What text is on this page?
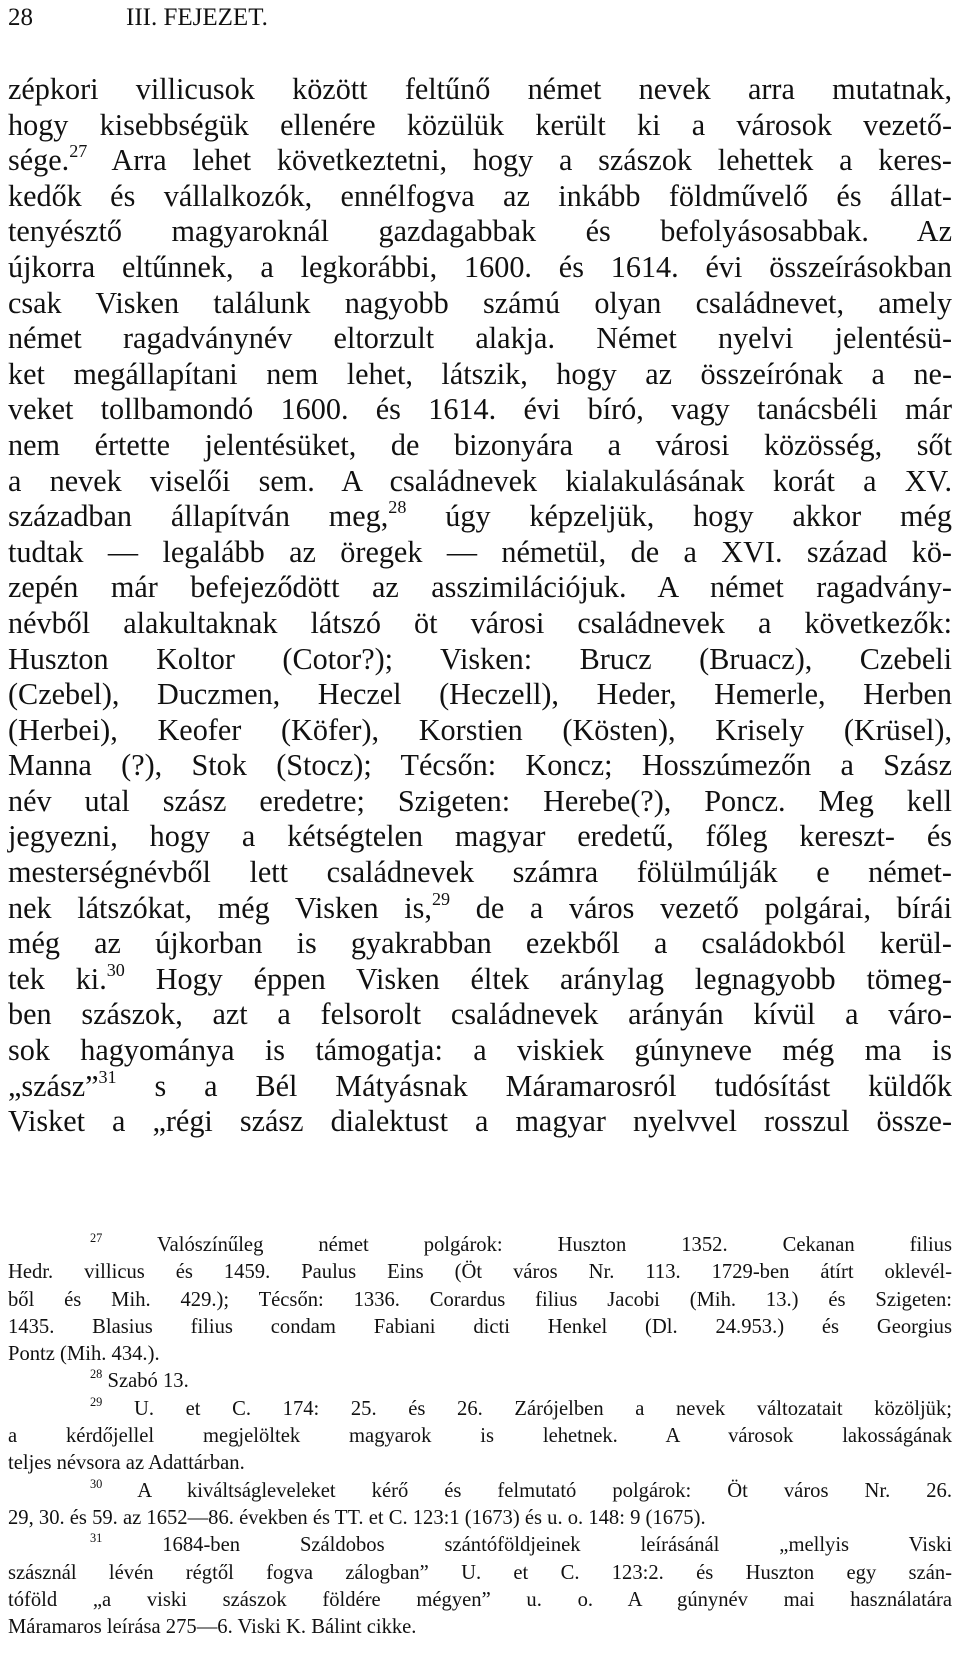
28	III. FEJEZET.
zépkori villicusok között feltűnő német nevek arra mutatnak,
hogy kisebbségük ellenére közülük került ki a városok vezető-
sége.$^{27}$ Arra lehet következtetni, hogy a szászok lehettek a keres-
kedők és vállalkozók, ennélfogva az inkább földművelő és állat-
tenyésztő magyaroknál gazdagabbak és befolyásosabbak. Az
újkorra eltűnnek, a legkorábbi, 1600. és 1614. évi összeírásokban
csak Visken találunk nagyobb számú olyan családnevet, amely
német ragadványnév eltorzult alakja. Német nyelvi jelentésü-
ket megállapítani nem lehet, látszik, hogy az összeírónak a ne-
veket tollbamondó 1600. és 1614. évi bíró, vagy tanácsbéli már
nem értette jelentésüket, de bizonyára a városi közösség, sőt
a nevek viselői sem. A családnevek kialakulásának korát a XV.
században állapítván meg,$^{28}$ úgy képzeljük, hogy akkor még
tudtak — legalább az öregek — németül, de a XVI. század kö-
zepén már befejeződött az asszimilációjuk. A német ragadvány-
névből alakultaknak látszó öt városi családnevek a következők:
Huszton Koltor (Cotor?); Visken: Brucz (Bruacz), Czebeli
(Czebel), Duczmen, Heczel (Heczell), Heder, Hemerle, Herben
(Herbei), Keofer (Köfer), Korstien (Kösten), Krisely (Krüsel),
Manna (?), Stok (Stocz); Técsőn: Koncz; Hosszúmezőn a Szász
név utal szász eredetre; Szigeten: Herebe(?), Poncz. Meg kell
jegyezni, hogy a kétségtelen magyar eredetű, főleg kereszt- és
mesterségnévből lett családnevek számra fölülmúlják e német-
nek látszókat, még Visken is,$^{29}$ de a város vezető polgárai, bírái
még az újkorban is gyakrabban ezekből a családokból kerül-
tek ki.$^{30}$ Hogy éppen Visken éltek aránylag legnagyobb tömeg-
ben szászok, azt a felsorolt családnevek arányán kívül a váro-
sok hagyománya is támogatja: a viskiek gúnyneve még ma is
„szász”$^{31}$ s a Bél Mátyásnak Máramarosról tudósítást küldők
Visket a „régi szász dialektust a magyar nyelvvel rosszul össze-
$^{27}$ Valószínűleg német polgárok: Huszton 1352. Cekanan filius
Hedr. villicus és 1459. Paulus Eins (Öt város Nr. 113. 1729-ben átírt oklevél-
ből és Mih. 429.); Técsőn: 1336. Corardus filius Jacobi (Mih. 13.) és Szigeten:
1435. Blasius filius condam Fabiani dicti Henkel (Dl. 24.953.) és Georgius
Pontz (Mih. 434.).
$^{28}$ Szabó 13.
$^{29}$ U. et C. 174: 25. és 26. Zárójelben a nevek változatait közöljük;
a kérdőjellel megjelöltek magyarok is lehetnek. A városok lakosságának
teljes névsora az Adattárban.
$^{30}$ A kiváltságleveleket kérő és felmutató polgárok: Öt város Nr. 26.
29, 30. és 59. az 1652—86. években és TT. et C. 123:1 (1673) és u. o. 148: 9 (1675).
$^{31}$ 1684-ben Száldobos szántóföldjeinek leírásánál „mellyis Viski
szásznál lévén régtől fogva zálogban” U. et C. 123:2. és Huszton egy szán-
tóföld „a viski szászok földére mégyen” u. o. A gúnynév mai használatára
Máramaros leírása 275—6. Viski K. Bálint cikke.
